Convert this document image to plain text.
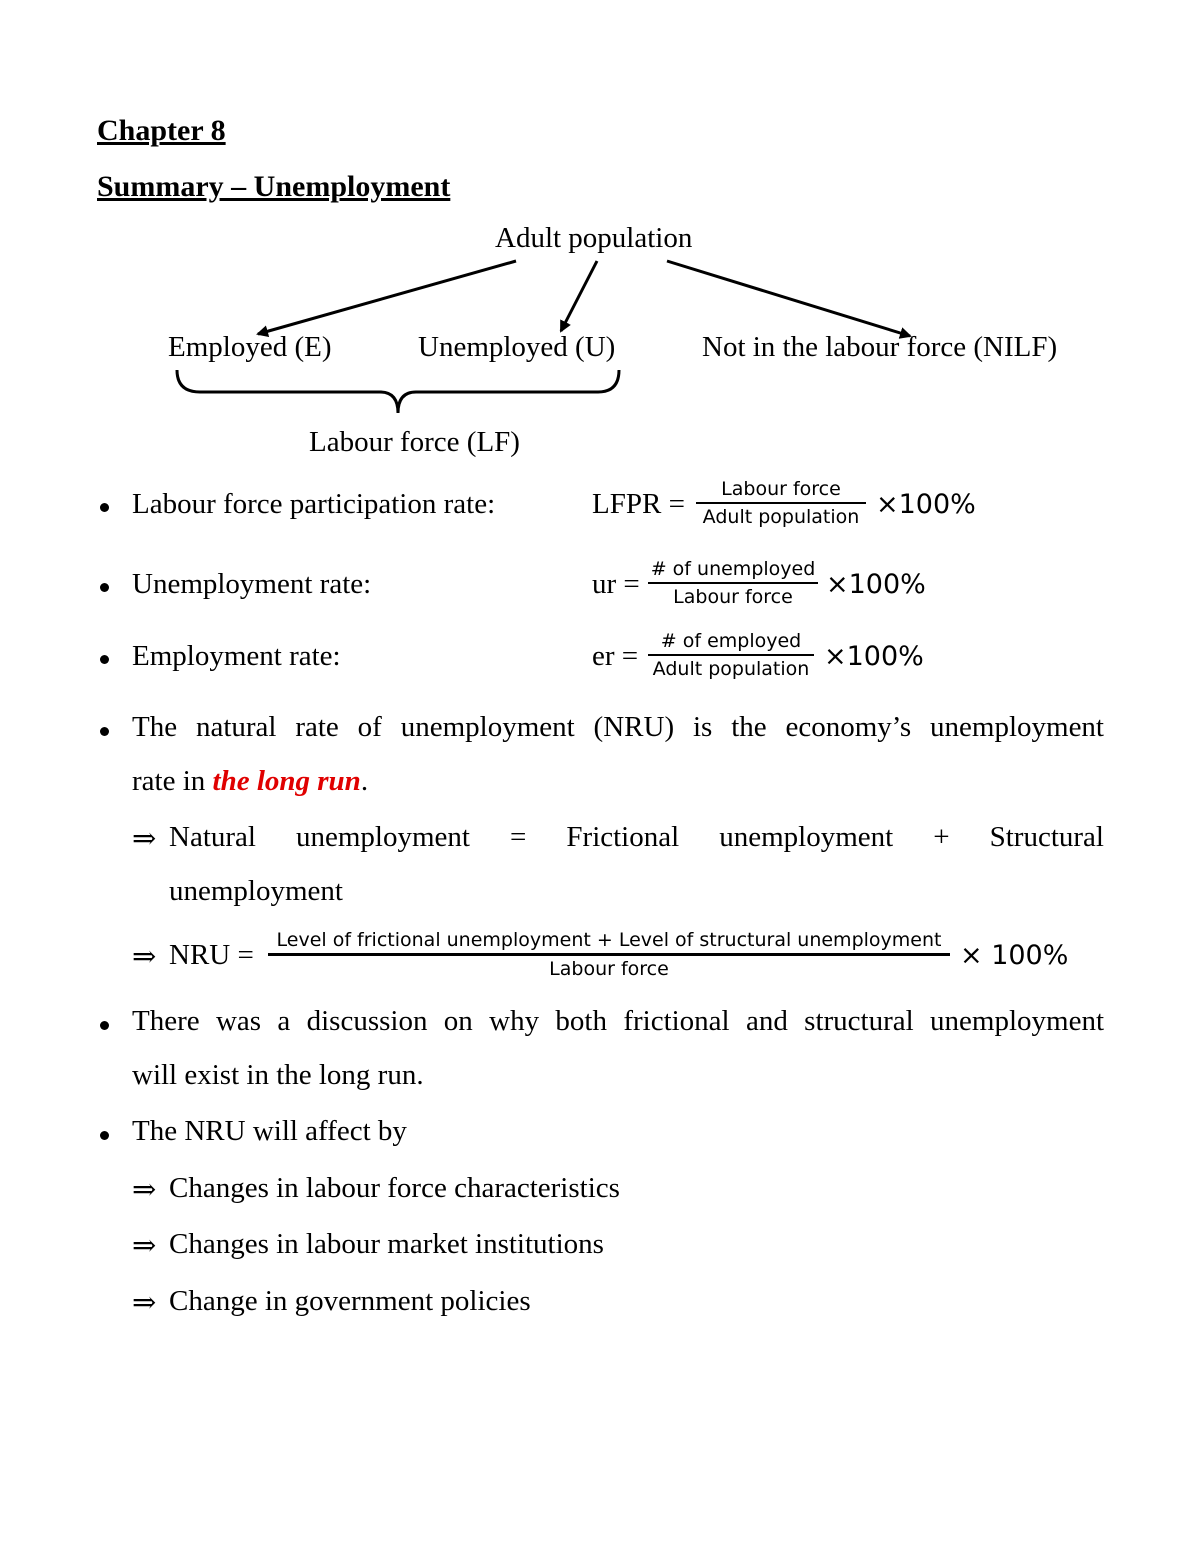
Chapter 8
Summary – Unemployment
Adult population
Employed (E)	Unemployed (U)	Not in the labour force (NILF)
Labour force (LF)
Labour force participation rate:	LFPR = Labour force
Adult population ×100%
Unemployment rate:	ur = # of unemployed
Labour force ×100%
Employment rate:	er = # of employed
Adult population ×100%
The natural rate of unemployment (NRU) is the economy’s unemployment
rate in the long run.
⇒ Natural unemployment = Frictional unemployment + Structural
unemployment
⇒ NRU = Level of frictional unemployment + Level of structural unemployment
Labour force	× 100%
There was a discussion on why both frictional and structural unemployment
will exist in the long run.
The NRU will affect by
⇒ Changes in labour force characteristics
⇒ Changes in labour market institutions
⇒ Change in government policies
